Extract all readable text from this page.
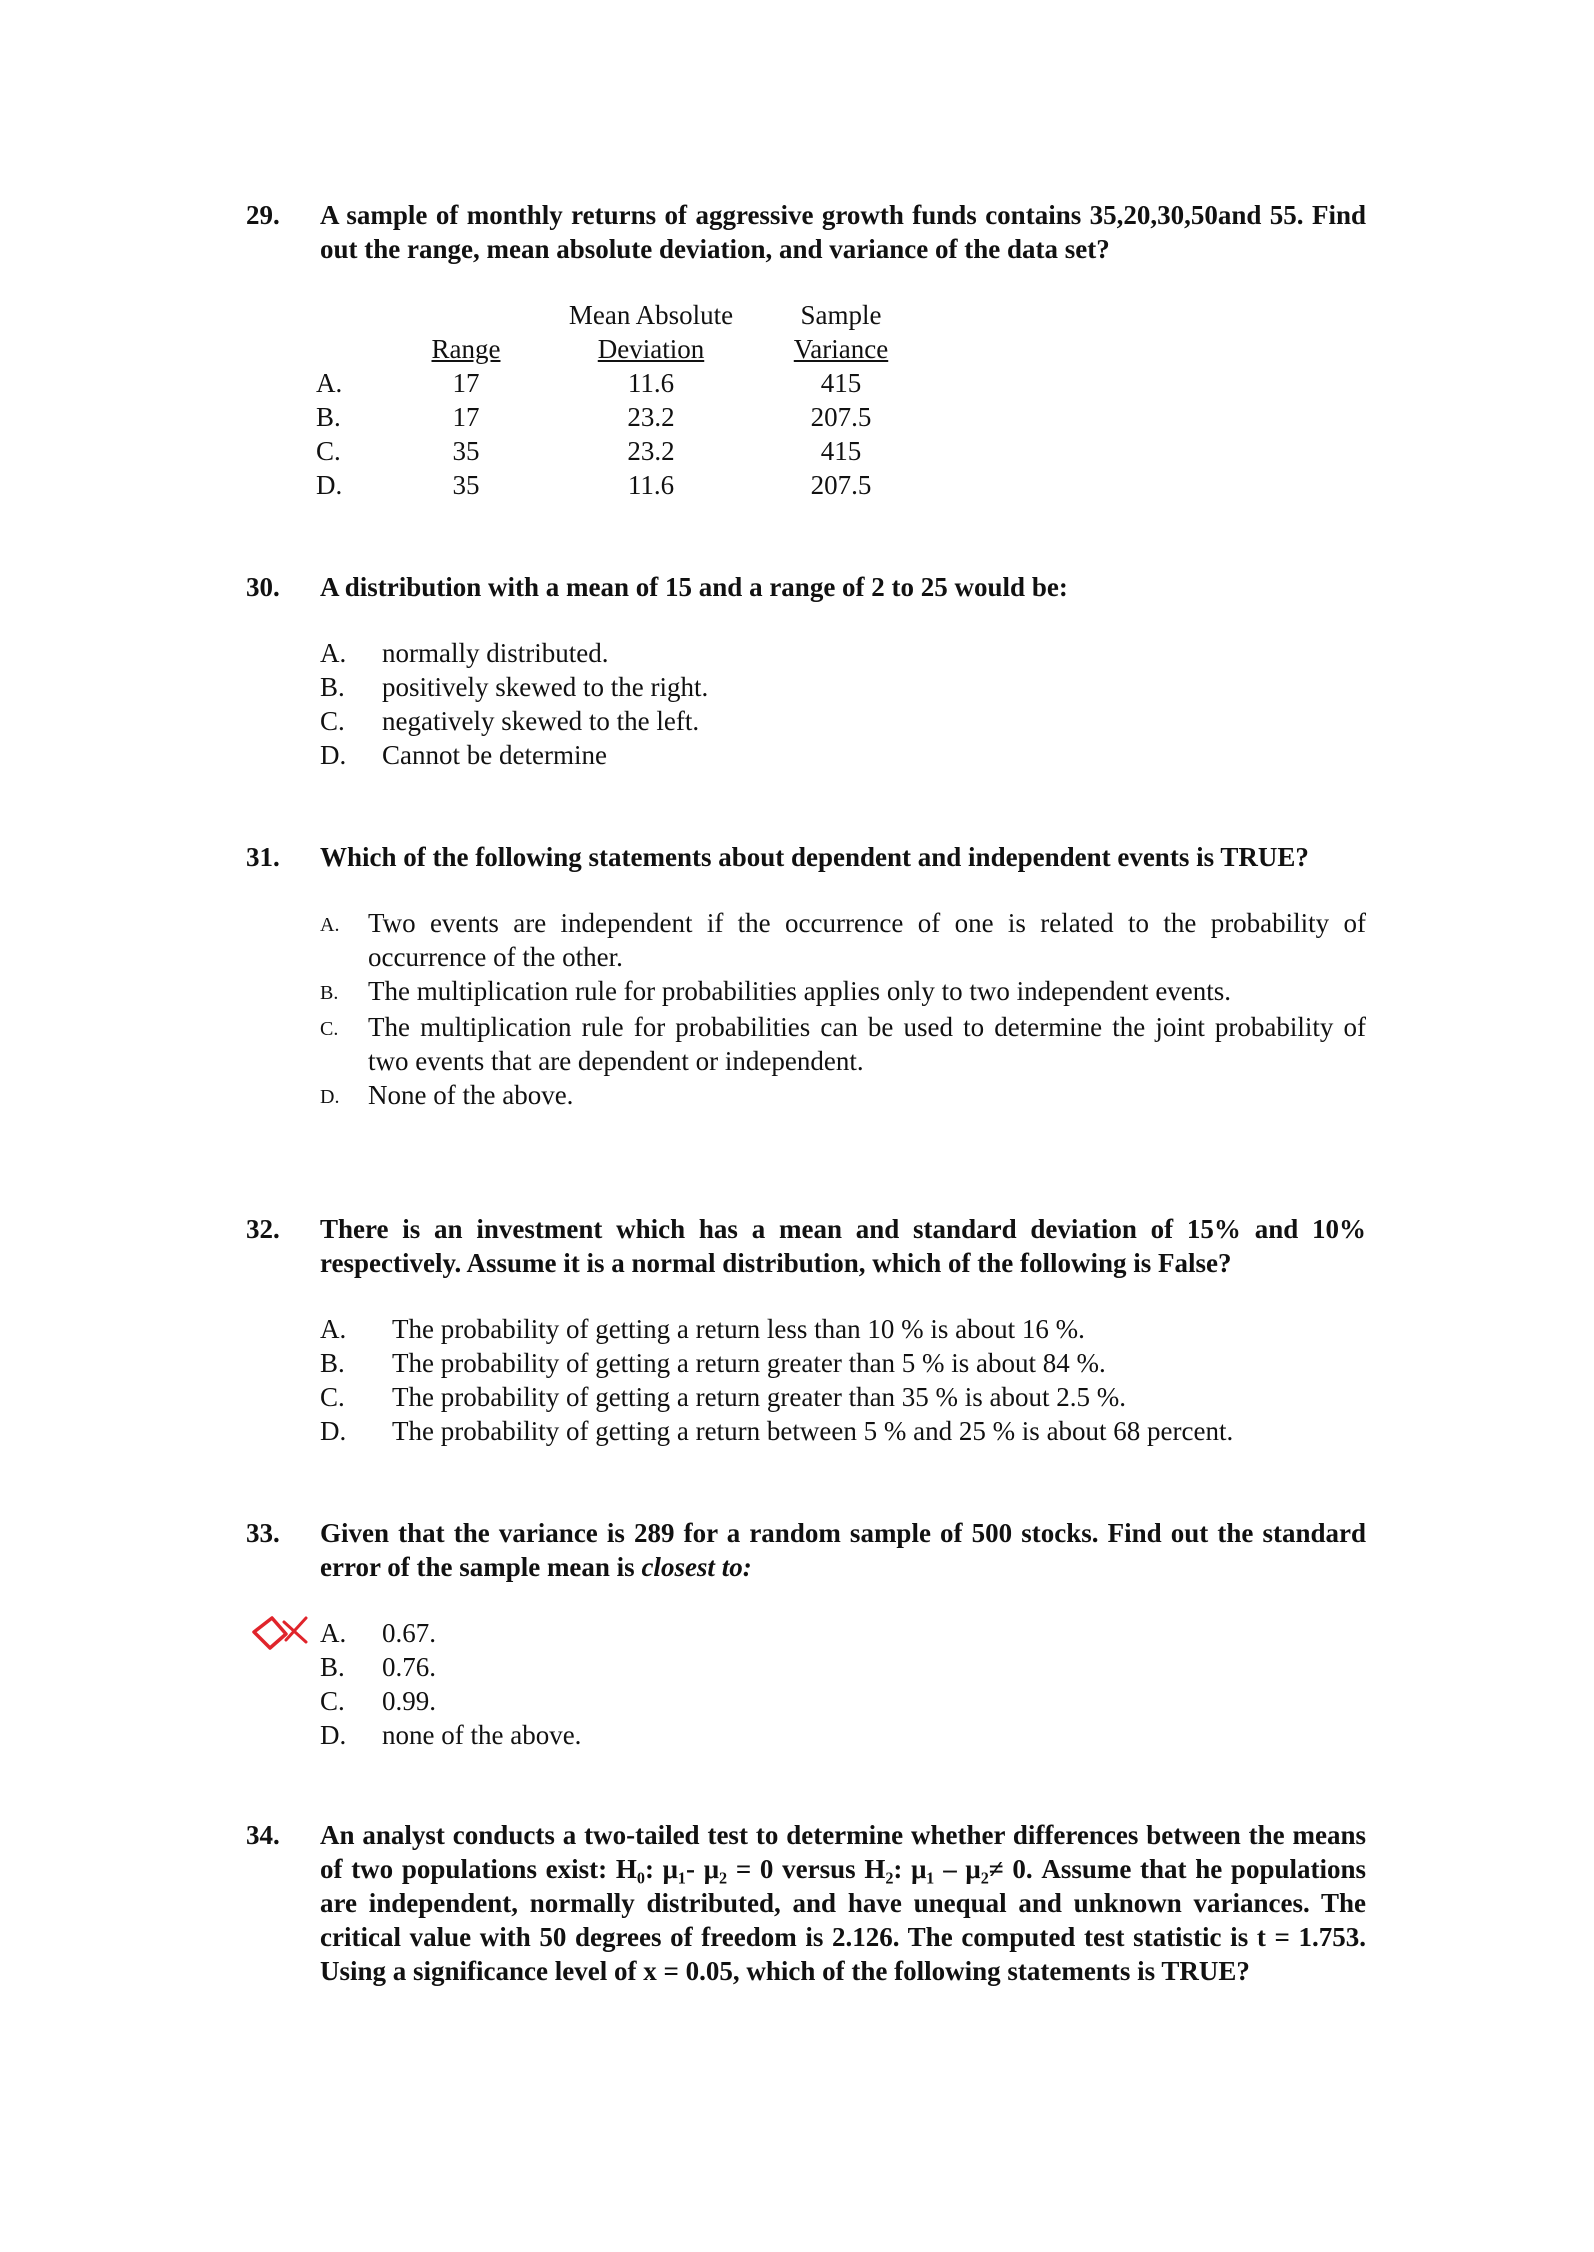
29. A sample of monthly returns of aggressive growth funds contains 35,20,30,50and 55. Find out the range, mean absolute deviation, and variance of the data set?
		Mean Absolute	Sample
	Range	Deviation	Variance
A.	17	11.6	415
B.	17	23.2	207.5
C.	35	23.2	415
D.	35	11.6	207.5
30. A distribution with a mean of 15 and a range of 2 to 25 would be:
A.	normally distributed.
B.	positively skewed to the right.
C.	negatively skewed to the left.
D.	Cannot be determine
31. Which of the following statements about dependent and independent events is TRUE?
A.	Two events are independent if the occurrence of one is related to the probability of occurrence of the other.
B.	The multiplication rule for probabilities applies only to two independent events.
C.	The multiplication rule for probabilities can be used to determine the joint probability of two events that are dependent or independent.
D.	None of the above.
32. There is an investment which has a mean and standard deviation of 15% and 10% respectively. Assume it is a normal distribution, which of the following is False?
A.	The probability of getting a return less than 10 % is about 16 %.
B.	The probability of getting a return greater than 5 % is about 84 %.
C.	The probability of getting a return greater than 35 % is about 2.5 %.
D.	The probability of getting a return between 5 % and 25 % is about 68 percent.
33. Given that the variance is 289 for a random sample of 500 stocks. Find out the standard error of the sample mean is closest to:
A.	0.67.
B.	0.76.
C.	0.99.
D.	none of the above.
34. An analyst conducts a two-tailed test to determine whether differences between the means of two populations exist: H₀: μ₁- μ₂ = 0 versus H₂: μ₁ – μ₂≠ 0. Assume that he populations are independent, normally distributed, and have unequal and unknown variances. The critical value with 50 degrees of freedom is 2.126. The computed test statistic is t = 1.753. Using a significance level of x = 0.05, which of the following statements is TRUE?
